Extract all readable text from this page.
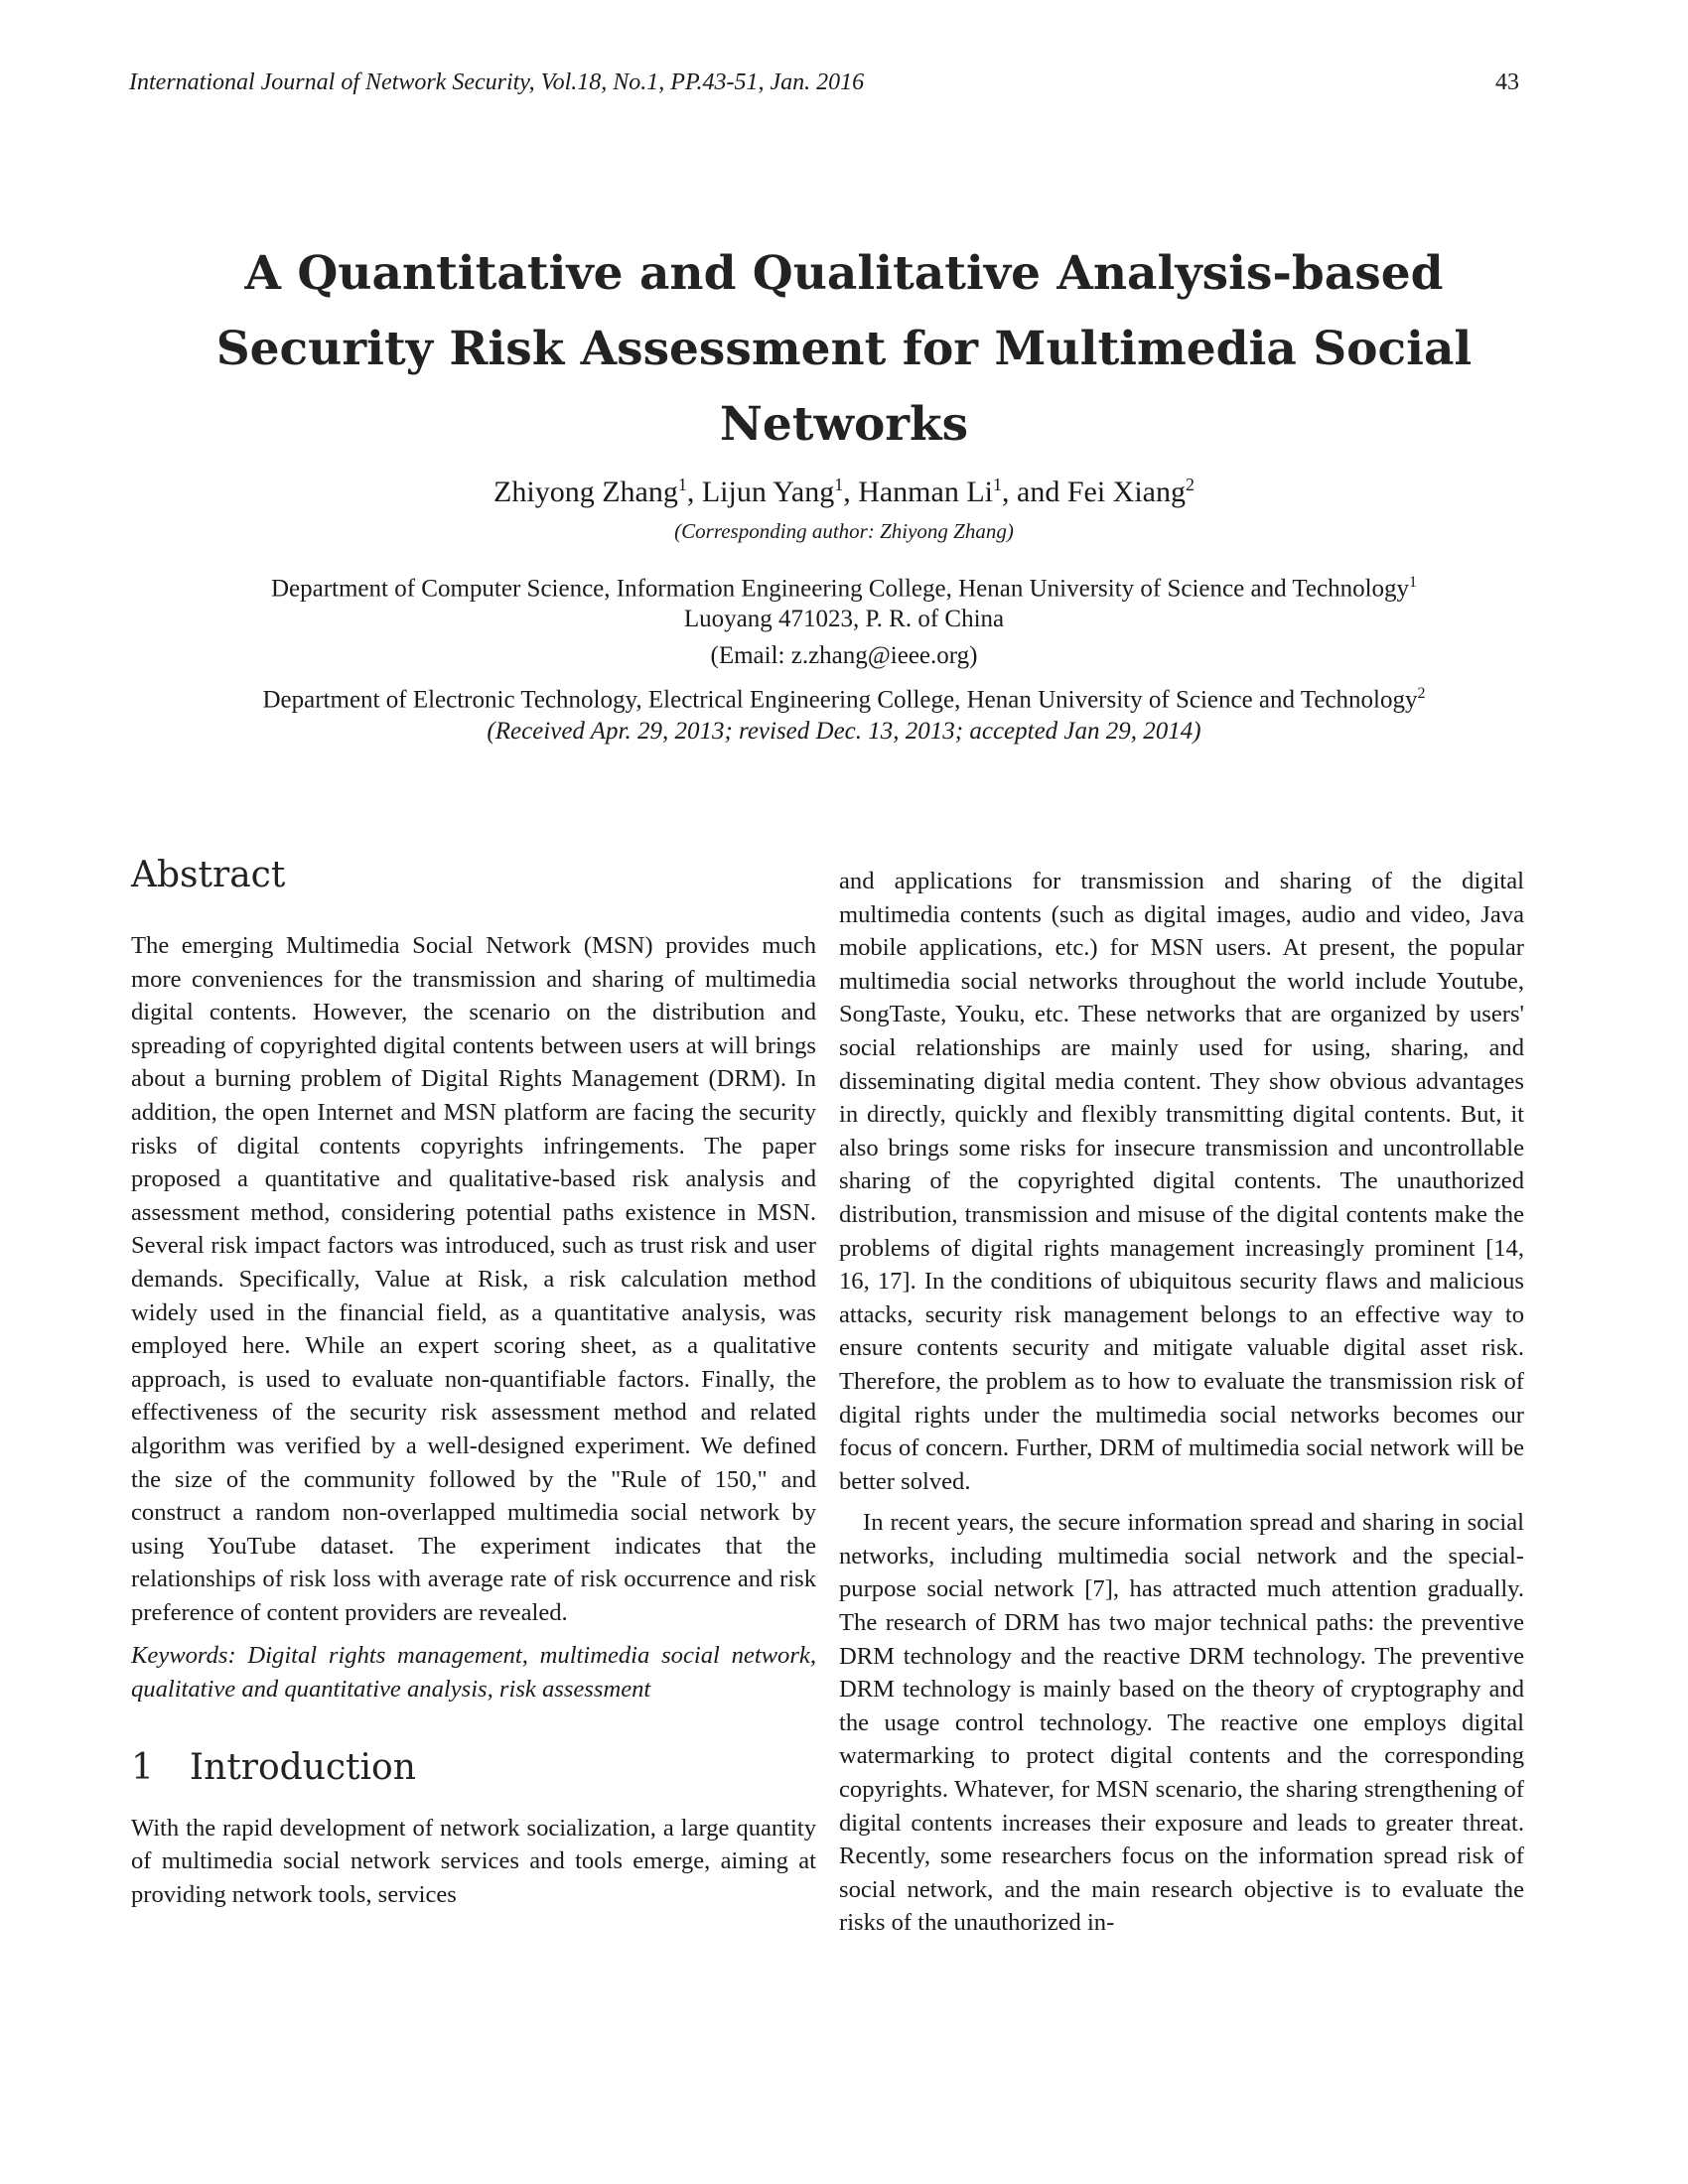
International Journal of Network Security, Vol.18, No.1, PP.43-51, Jan. 2016	43
A Quantitative and Qualitative Analysis-based
Security Risk Assessment for Multimedia Social
Networks
Zhiyong Zhang$^1$, Lijun Yang$^1$, Hanman Li$^1$, and Fei Xiang$^2$
(Corresponding author: Zhiyong Zhang)
Department of Computer Science, Information Engineering College, Henan University of Science and Technology$^1$
Luoyang 471023, P. R. of China
(Email: z.zhang@ieee.org)
Department of Electronic Technology, Electrical Engineering College, Henan University of Science and Technology$^2$
(Received Apr. 29, 2013; revised Dec. 13, 2013; accepted Jan 29, 2014)
Abstract

The emerging Multimedia Social Network (MSN) provides much more conveniences for the transmission and sharing of multimedia digital contents. However, the scenario on the distribution and spreading of copyrighted digital contents between users at will brings about a burning problem of Digital Rights Management (DRM). In addition, the open Internet and MSN platform are facing the security risks of digital contents copyrights infringements. The paper proposed a quantitative and qualitative-based risk analysis and assessment method, considering potential paths existence in MSN. Several risk impact factors was introduced, such as trust risk and user demands. Specifically, Value at Risk, a risk calculation method widely used in the financial field, as a quantitative analysis, was employed here. While an expert scoring sheet, as a qualitative approach, is used to evaluate non-quantifiable factors. Finally, the effectiveness of the security risk assessment method and related algorithm was verified by a well-designed experiment. We defined the size of the community followed by the "Rule of 150," and construct a random non-overlapped multimedia social network by using YouTube dataset. The experiment indicates that the relationships of risk loss with average rate of risk occurrence and risk preference of content providers are revealed.

Keywords: Digital rights management, multimedia social network, qualitative and quantitative analysis, risk assessment

1 Introduction

With the rapid development of network socialization, a large quantity of multimedia social network services and tools emerge, aiming at providing network tools, services

and applications for transmission and sharing of the digital multimedia contents (such as digital images, audio and video, Java mobile applications, etc.) for MSN users. At present, the popular multimedia social networks throughout the world include Youtube, SongTaste, Youku, etc. These networks that are organized by users' social relationships are mainly used for using, sharing, and disseminating digital media content. They show obvious advantages in directly, quickly and flexibly transmitting digital contents. But, it also brings some risks for insecure transmission and uncontrollable sharing of the copyrighted digital contents. The unauthorized distribution, transmission and misuse of the digital contents make the problems of digital rights management increasingly prominent [14, 16, 17]. In the conditions of ubiquitous security flaws and malicious attacks, security risk management belongs to an effective way to ensure contents security and mitigate valuable digital asset risk. Therefore, the problem as to how to evaluate the transmission risk of digital rights under the multimedia social networks becomes our focus of concern. Further, DRM of multimedia social network will be better solved.

In recent years, the secure information spread and sharing in social networks, including multimedia social network and the special-purpose social network [7], has attracted much attention gradually. The research of DRM has two major technical paths: the preventive DRM technology and the reactive DRM technology. The preventive DRM technology is mainly based on the theory of cryptography and the usage control technology. The reactive one employs digital watermarking to protect digital contents and the corresponding copyrights. Whatever, for MSN scenario, the sharing strengthening of digital contents increases their exposure and leads to greater threat. Recently, some researchers focus on the information spread risk of social network, and the main research objective is to evaluate the risks of the unauthorized in-
